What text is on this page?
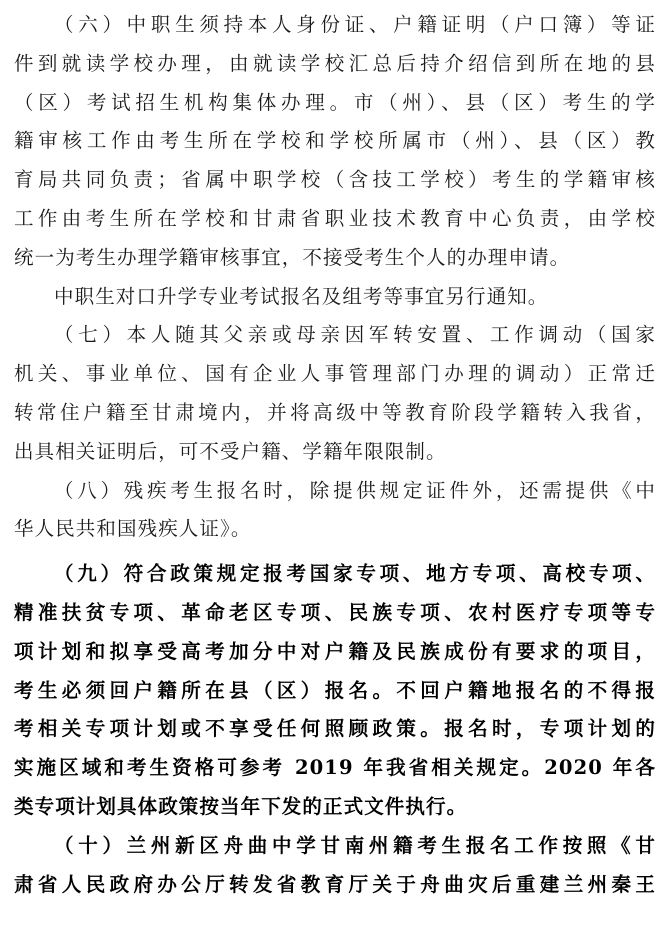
（六）中职生须持本人身份证、户籍证明（户口簿）等证
件到就读学校办理，由就读学校汇总后持介绍信到所在地的县
（区）考试招生机构集体办理。市（州）、县（区）考生的学
籍审核工作由考生所在学校和学校所属市（州）、县（区）教
育局共同负责；省属中职学校（含技工学校）考生的学籍审核
工作由考生所在学校和甘肃省职业技术教育中心负责，由学校
统一为考生办理学籍审核事宜，不接受考生个人的办理申请。
中职生对口升学专业考试报名及组考等事宜另行通知。
（七）本人随其父亲或母亲因军转安置、工作调动（国家
机关、事业单位、国有企业人事管理部门办理的调动）正常迁
转常住户籍至甘肃境内，并将高级中等教育阶段学籍转入我省，
出具相关证明后，可不受户籍、学籍年限限制。
（八）残疾考生报名时，除提供规定证件外，还需提供《中
华人民共和国残疾人证》。
（九）符合政策规定报考国家专项、地方专项、高校专项、
精准扶贫专项、革命老区专项、民族专项、农村医疗专项等专
项计划和拟享受高考加分中对户籍及民族成份有要求的项目，
考生必须回户籍所在县（区）报名。不回户籍地报名的不得报
考相关专项计划或不享受任何照顾政策。报名时，专项计划的
实施区域和考生资格可参考 2019 年我省相关规定。2020 年各
类专项计划具体政策按当年下发的正式文件执行。
（十）兰州新区舟曲中学甘南州籍考生报名工作按照《甘
肃省人民政府办公厅转发省教育厅关于舟曲灾后重建兰州秦王
